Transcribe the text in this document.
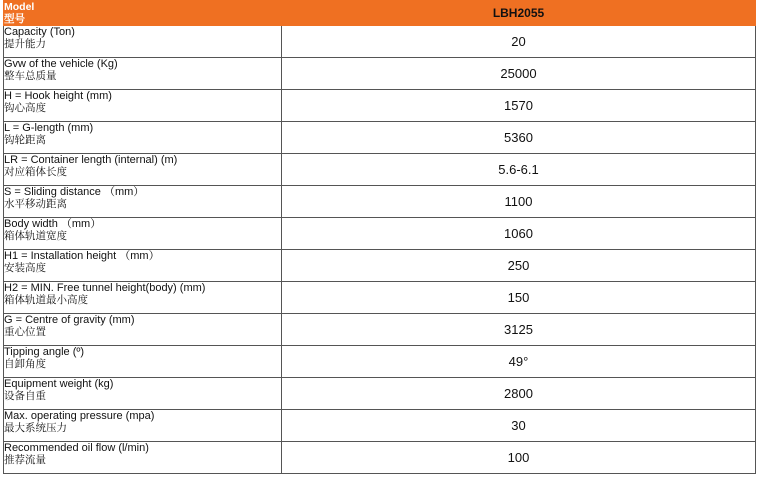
Model
型号	LBH2055

Capacity (Ton)
提升能力	20

Gvw of the vehicle (Kg)
整车总质量	25000

H = Hook height (mm)
钩心高度	1570

L = G-length (mm)
钩轮距离	5360

LR = Container length (internal) (m)
对应箱体长度	5.6-6.1

S = Sliding distance （mm）
水平移动距离	1100

Body width （mm）
箱体轨道宽度	1060

H1 = Installation height （mm）
安装高度	250

H2 = MIN. Free tunnel height(body) (mm)
箱体轨道最小高度	150

G = Centre of gravity (mm)
重心位置	3125

Tipping angle (º)
自卸角度	49°

Equipment weight (kg)
设备自重	2800

Max. operating pressure (mpa)
最大系统压力	30

Recommended oil flow (l/min)
推荐流量	100
